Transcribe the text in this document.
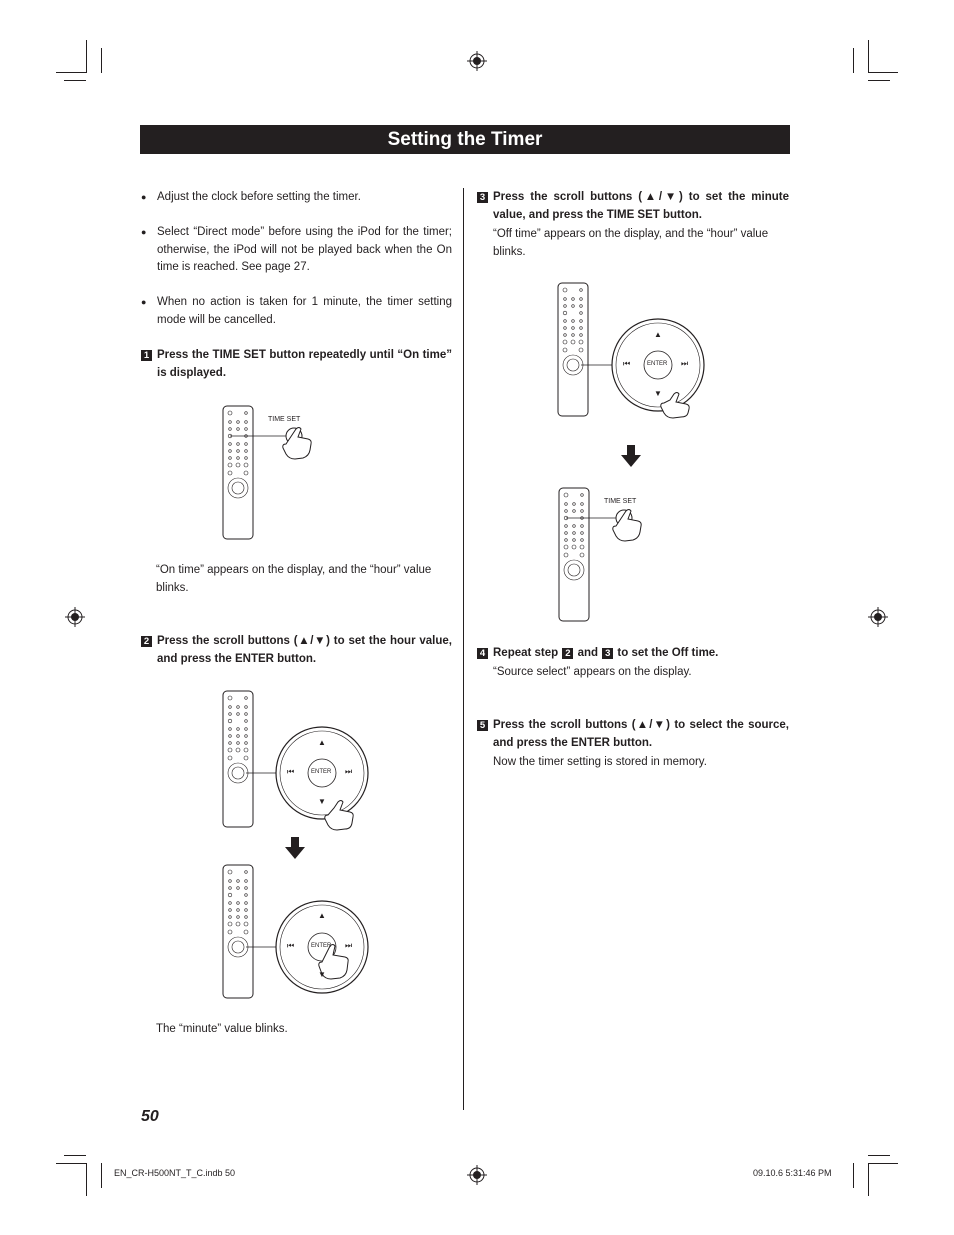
Setting the Timer
● Adjust the clock before setting the timer.
● Select “Direct mode” before using the iPod for the timer; otherwise, the iPod will not be played back when the On time is reached. See page 27.
● When no action is taken for 1 minute, the timer setting mode will be cancelled.
1 Press the TIME SET button repeatedly until “On time” is displayed.
TIME SET
“On time” appears on the display, and the “hour” value blinks.
2 Press the scroll buttons (▲/▼) to set the hour value, and press the ENTER button.
▲
▼
⏮	⏭
ENTER
▲
▼
⏮	⏭
ENTER
The “minute” value blinks.
3 Press the scroll buttons (▲/▼) to set the minute value, and press the TIME SET button.
“Off time” appears on the display, and the “hour” value blinks.
▲
▼
⏮	⏭
ENTER
TIME SET
4 Repeat step 2 and 3 to set the Off time.
“Source select” appears on the display.
5 Press the scroll buttons (▲/▼) to select the source, and press the ENTER button.
Now the timer setting is stored in memory.
50
EN_CR-H500NT_T_C.indb 50	09.10.6 5:31:46 PM
